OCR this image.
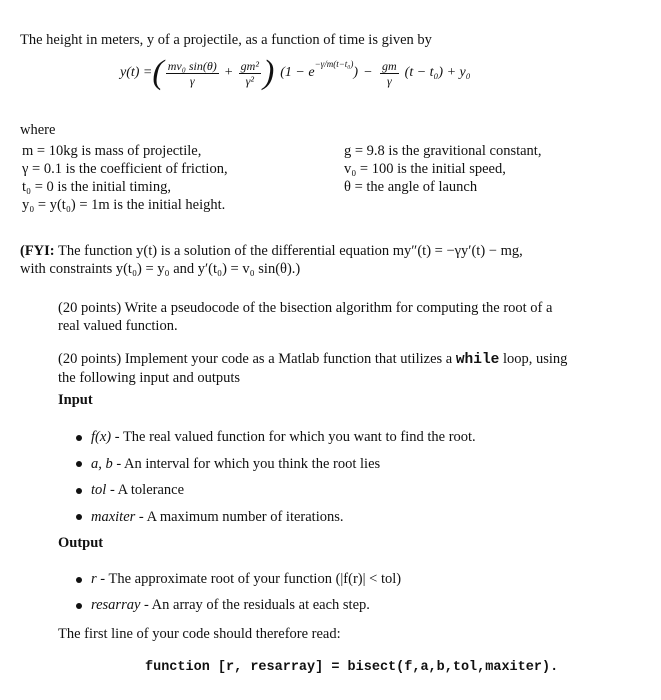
The height in meters, y of a projectile, as a function of time is given by
y(t) = ( $\frac{\text{mv₀ sin(θ)}}{\gamma} + \frac{\text{gm²}}{\text{γ²}}$ ) (1 − e
$^{-\gamma/m(t-t_0)}$
) − $\frac{gm}{\gamma} (t - t_0) + y_0$
where
m = 10kg is mass of projectile,
γ = 0.1 is the coefficient of friction,
t₀ = 0 is the initial timing,
y₀ = y(t₀) = 1m is the initial height.
g = 9.8 is the gravitional constant,
v₀ = 100 is the initial speed,
θ = the angle of launch
(FYI: The function y(t) is a solution of the differential equation my″(t) = −γy′(t) − mg,
with constraints y(t₀) = y₀ and y′(t₀) = v₀ sin(θ).)
(20 points) Write a pseudocode of the bisection algorithm for computing the root of a
real valued function.
(20 points) Implement your code as a Matlab function that utilizes a while loop, using
the following input and outputs
Input
f(x) - The real valued function for which you want to find the root.
a, b - An interval for which you think the root lies
tol - A tolerance
maxiter - A maximum number of iterations.
Output
r - The approximate root of your function (|f(r)| < tol)
resarray - An array of the residuals at each step.
The first line of your code should therefore read:
function [r, resarray] = bisect(f,a,b,tol,maxiter).
